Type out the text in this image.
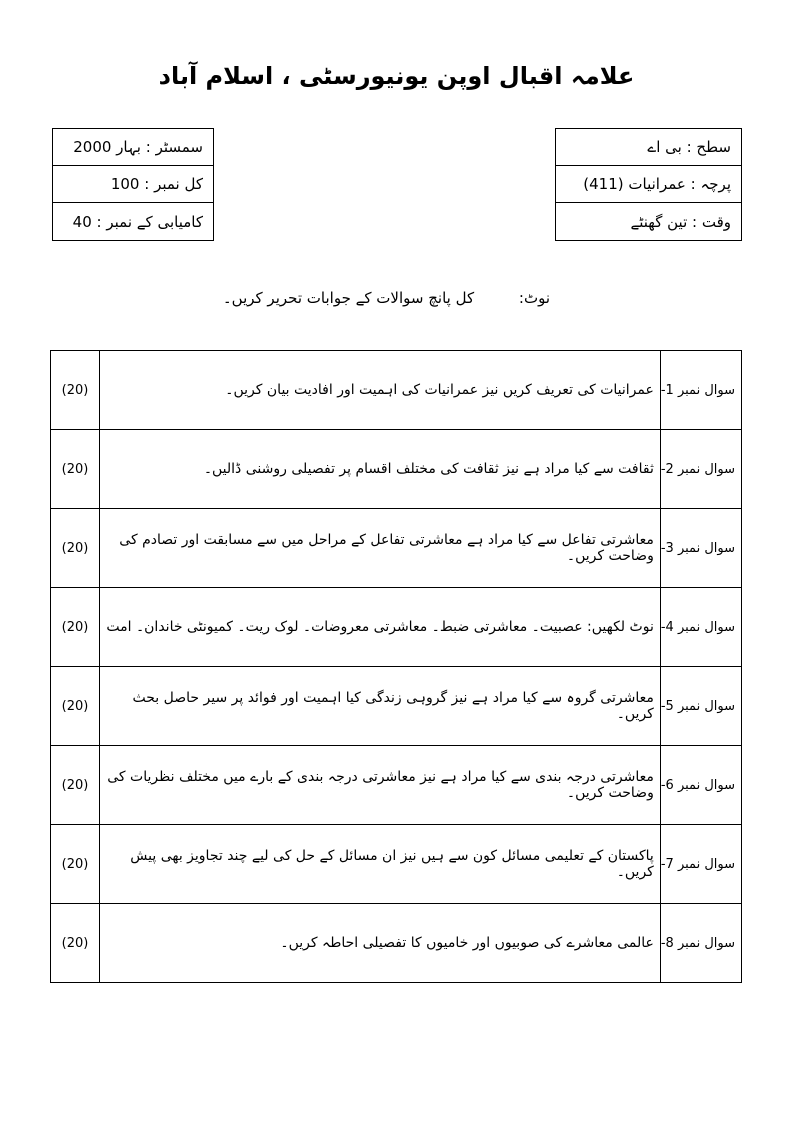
علامہ اقبال اوپن یونیورسٹی ، اسلام آباد
سمسٹر :

بہار 2000
کل نمبر :

100
کامیابی کے نمبر :

40
سطح :

بی اے
پرچہ :

عمرانیات (411)
وقت :

تین گھنٹے
نوٹ: کل پانچ سوالات کے جوابات تحریر کریں۔
(20)	عمرانیات کی تعریف کریں نیز عمرانیات کی اہمیت اور افادیت بیان کریں۔	سوال نمبر 1-
(20)	ثقافت سے کیا مراد ہے نیز ثقافت کی مختلف اقسام پر تفصیلی روشنی ڈالیں۔	سوال نمبر 2-
(20)	معاشرتی تفاعل سے کیا مراد ہے معاشرتی تفاعل کے مراحل میں سے مسابقت اور تصادم کی وضاحت کریں۔	سوال نمبر 3-
(20)	نوٹ لکھیں: عصبیت۔ معاشرتی ضبط۔ معاشرتی معروضات۔ لوک ریت۔ کمیونٹی خاندان۔ امت	سوال نمبر 4-
(20)	معاشرتی گروہ سے کیا مراد ہے نیز گروہی زندگی کیا اہمیت اور فوائد پر سیر حاصل بحث کریں۔	سوال نمبر 5-
(20)	معاشرتی درجہ بندی سے کیا مراد ہے نیز معاشرتی درجہ بندی کے بارے میں مختلف نظریات کی وضاحت کریں۔	سوال نمبر 6-
(20)	پاکستان کے تعلیمی مسائل کون سے ہیں نیز ان مسائل کے حل کی لیے چند تجاویز بھی پیش کریں۔	سوال نمبر 7-
(20)	عالمی معاشرے کی صوبیوں اور خامیوں کا تفصیلی احاطہ کریں۔	سوال نمبر 8-
